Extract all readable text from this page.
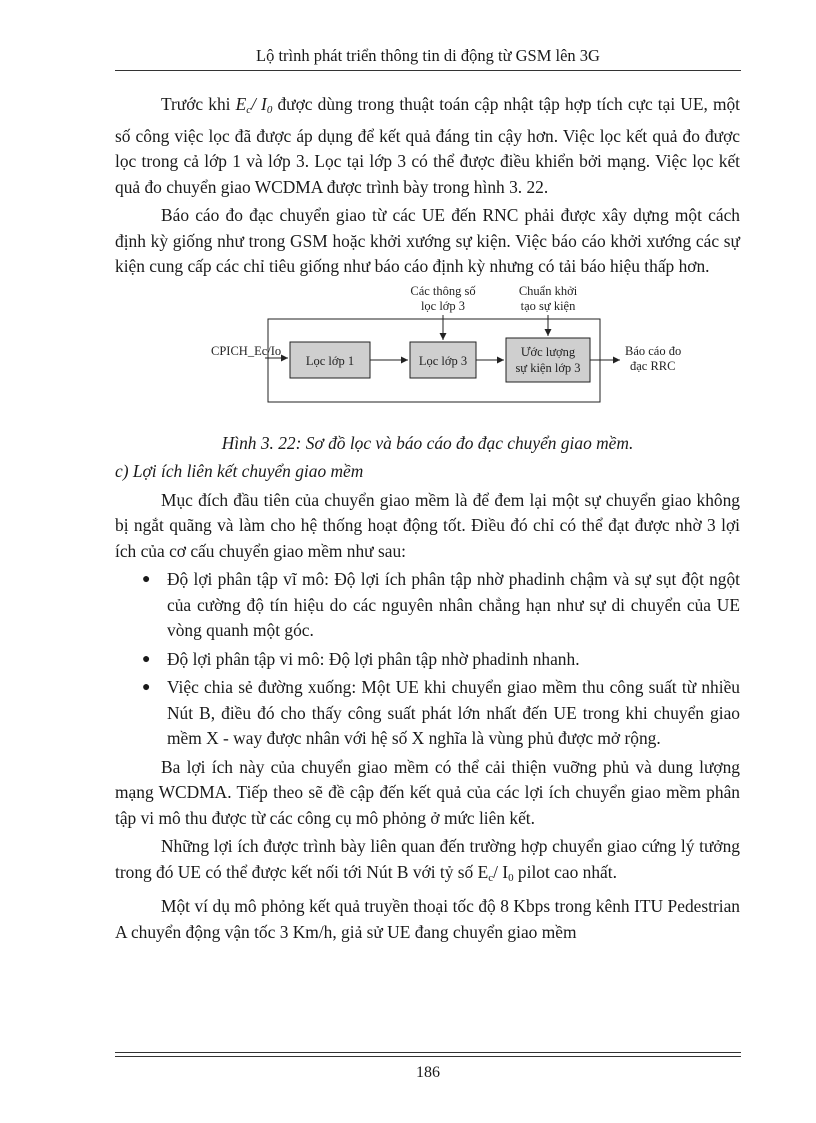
Lộ trình phát triển thông tin di động từ GSM lên 3G

Trước khi $E_c/$ $I_0$ được dùng trong thuật toán cập nhật tập hợp tích cực tại UE, một số công việc lọc đã được áp dụng để kết quả đáng tin cậy hơn. Việc lọc kết quả đo được lọc trong cả lớp 1 và lớp 3. Lọc tại lớp 3 có thể được điều khiển bởi mạng. Việc lọc kết quả đo chuyển giao WCDMA được trình bày trong hình 3. 22.

Báo cáo đo đạc chuyển giao từ các UE đến RNC phải được xây dựng một cách định kỳ giống như trong GSM hoặc khởi xướng sự kiện. Việc báo cáo khởi xướng các sự kiện cung cấp các chỉ tiêu giống như báo cáo định kỳ nhưng có tải báo hiệu thấp hơn.

CPICH_Ec/Io
Lọc lớp 1	Lọc lớp 3
Ước lượng
sự kiện lớp 3
Các thông số
lọc lớp 3
Chuẩn khởi
tạo sự kiện
Báo cáo đo
đạc RRC

Hình 3. 22: Sơ đồ lọc và báo cáo đo đạc chuyển giao mềm.

c) Lợi ích liên kết chuyển giao mềm

Mục đích đầu tiên của chuyển giao mềm là để đem lại một sự chuyển giao không bị ngắt quãng và làm cho hệ thống hoạt động tốt. Điều đó chỉ có thể đạt được nhờ 3 lợi ích của cơ cấu chuyển giao mềm như sau:

● Độ lợi phân tập vĩ mô: Độ lợi ích phân tập nhờ phadinh chậm và sự sụt đột ngột của cường độ tín hiệu do các nguyên nhân chẳng hạn như sự di chuyển của UE vòng quanh một góc.
● Độ lợi phân tập vi mô: Độ lợi phân tập nhờ phadinh nhanh.
● Việc chia sẻ đường xuống: Một UE khi chuyển giao mềm thu công suất từ nhiều Nút B, điều đó cho thấy công suất phát lớn nhất đến UE trong khi chuyển giao mềm X - way được nhân với hệ số X nghĩa là vùng phủ được mở rộng.

Ba lợi ích này của chuyển giao mềm có thể cải thiện vuỡng phủ và dung lượng mạng WCDMA. Tiếp theo sẽ đề cập đến kết quả của các lợi ích chuyển giao mềm phân tập vi mô thu được từ các công cụ mô phỏng ở mức liên kết.

Những lợi ích được trình bày liên quan đến trường hợp chuyển giao cứng lý tưởng trong đó UE có thể được kết nối tới Nút B với tỷ số $E_c/$ $I_0$ pilot cao nhất.

Một ví dụ mô phỏng kết quả truyền thoại tốc độ 8 Kbps trong kênh ITU Pedestrian A chuyển động vận tốc 3 Km/h, giả sử UE đang chuyển giao mềm

186
